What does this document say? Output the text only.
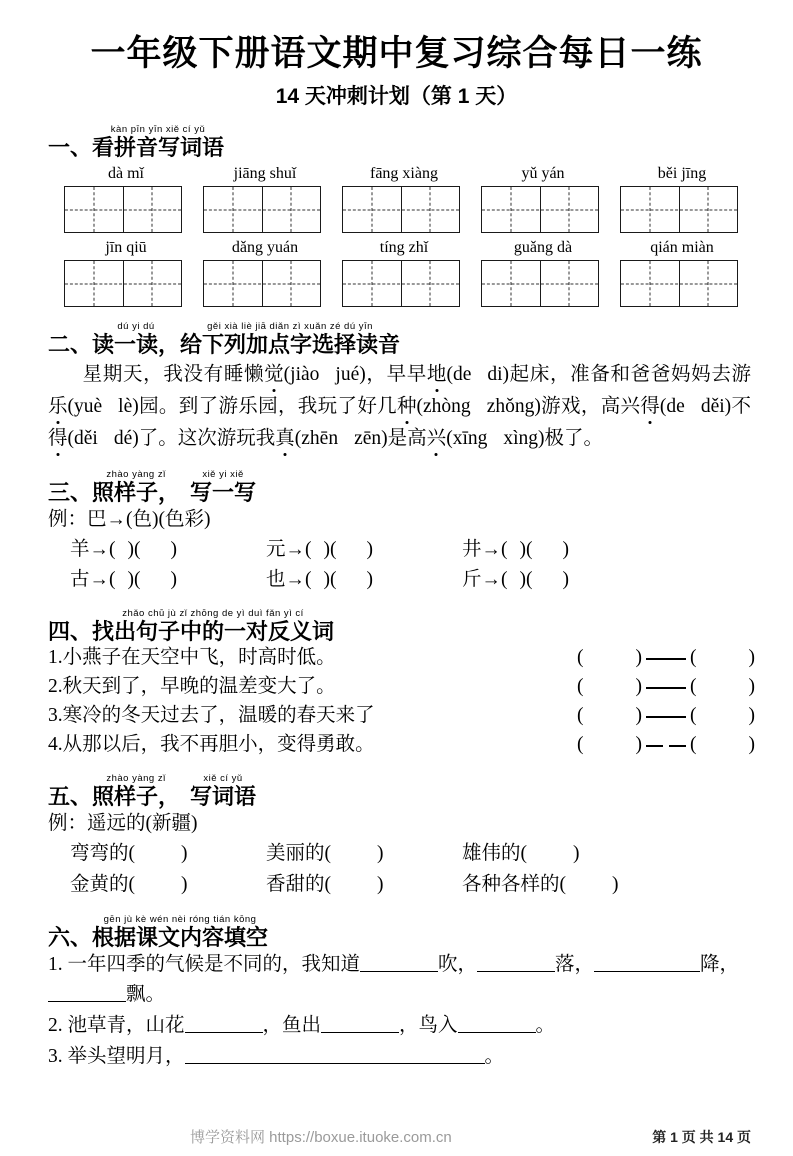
一年级下册语文期中复习综合每日一练
14 天冲刺计划（第 1 天）
一、看拼音写词语kàn pīn yīn xiě cí yǔ
dà mǐ	jiāng shuǐ	fāng xiàng	yǔ yán	běi jīng
jīn qiū	dǎng yuán	tíng zhǐ	guǎng dà	qián miàn
二、读一读，dú yi dú给下列加点字选择读音gěi xià liè jiā diǎn zì xuǎn zé dú yīn
星期天，我没有睡懒觉(jiào jué)，早早地(de di)起床，准备和爸爸妈妈去游乐(yuè lè)园。到了游乐园，我玩了好几种(zhòng zhǒng)游戏，高兴得(de děi)不得(děi dé)了。这次游玩我真(zhēn zēn)是高兴(xīng xìng)极了。
三、照样子，zhào yàng zǐ写一写xiě yi xiě
例：巴→(色)(色彩)
羊→( )( )	元→( )( )	井→( )( )
古→( )( )	也→( )( )	斤→( )( )
四、找出句子中的一对反义词zhǎo chū jù zǐ zhōng de yì duì fǎn yì cí
1.小燕子在天空中飞，时高时低。	(	) (	)
2.秋天到了，早晚的温差变大了。	(	) (	)
3.寒冷的冬天过去了，温暖的春天来了	(	) (	)
4.从那以后，我不再胆小，变得勇敢。	(	) (	)
五、照样子，zhào yàng zǐ写词语xiě cí yǔ
例：遥远的(新疆)
弯弯的( )	美丽的( )	雄伟的( )
金黄的( )	香甜的( )	各种各样的( )
六、根据课文内容填空gēn jù kè wén nèi róng tián kōng
1. 一年四季的气候是不同的，我知道	吹，	落，	降，飘。
2. 池草青，山花	，鱼出	，鸟入	。
3. 举头望明月，	。
博学资料网 https://boxue.ituoke.com.cn	第 1 页 共 14 页
